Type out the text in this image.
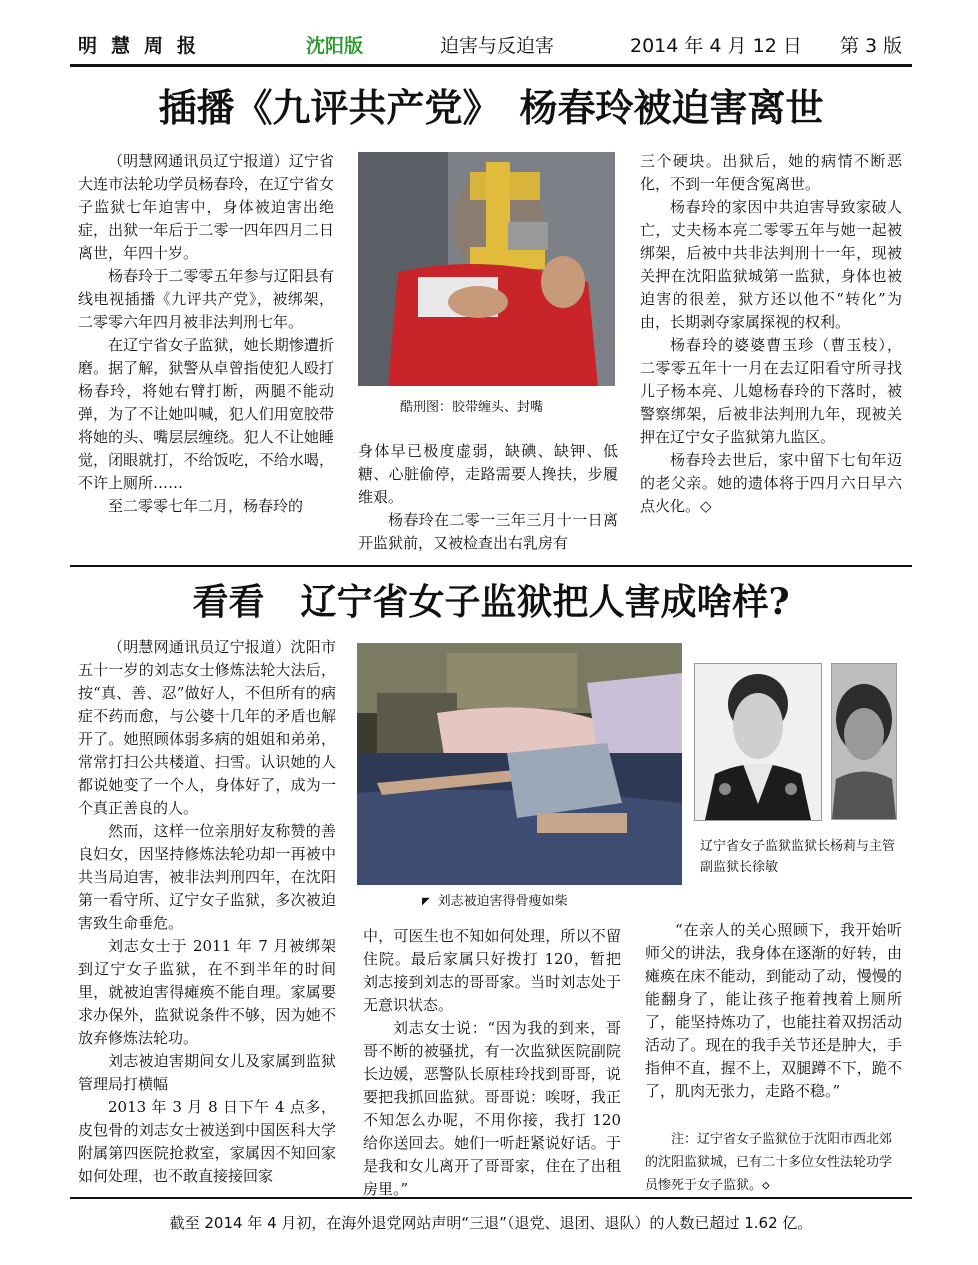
明慧周报	沈阳版	迫害与反迫害	2014 年 4 月 12 日 第 3 版
插播《九评共产党》　杨春玲被迫害离世

（明慧网通讯员辽宁报道）辽宁省大连市法轮功学员杨春玲，在辽宁省女子监狱七年迫害中，身体被迫害出绝症，出狱一年后于二零一四年四月二日离世，年四十岁。

杨春玲于二零零五年参与辽阳县有线电视插播《九评共产党》，被绑架，二零零六年四月被非法判刑七年。

在辽宁省女子监狱，她长期惨遭折磨。据了解，狱警从卓曾指使犯人殴打杨春玲，将她右臂打断，两腿不能动弹，为了不让她叫喊，犯人们用宽胶带将她的头、嘴层层缠绕。犯人不让她睡觉，闭眼就打，不给饭吃，不给水喝，不许上厕所……

至二零零七年二月，杨春玲的

酷刑图：胶带缠头、封嘴

身体早已极度虚弱，缺碘、缺钾、低糖、心脏偷停，走路需要人搀扶，步履维艰。

杨春玲在二零一三年三月十一日离开监狱前，又被检查出右乳房有

三个硬块。出狱后，她的病情不断恶化，不到一年便含冤离世。

杨春玲的家因中共迫害导致家破人亡，丈夫杨本亮二零零五年与她一起被绑架，后被中共非法判刑十一年，现被关押在沈阳监狱城第一监狱，身体也被迫害的很差，狱方还以他不“转化”为由，长期剥夺家属探视的权利。

杨春玲的婆婆曹玉珍（曹玉枝），二零零五年十一月在去辽阳看守所寻找儿子杨本亮、儿媳杨春玲的下落时，被警察绑架，后被非法判刑九年，现被关押在辽宁女子监狱第九监区。

杨春玲去世后，家中留下七旬年迈的老父亲。她的遗体将于四月六日早六点火化。◇

看看　辽宁省女子监狱把人害成啥样?

（明慧网通讯员辽宁报道）沈阳市五十一岁的刘志女士修炼法轮大法后，按“真、善、忍”做好人，不但所有的病症不药而愈，与公婆十几年的矛盾也解开了。她照顾体弱多病的姐姐和弟弟，常常打扫公共楼道、扫雪。认识她的人都说她变了一个人，身体好了，成为一个真正善良的人。

然而，这样一位亲朋好友称赞的善良妇女，因坚持修炼法轮功却一再被中共当局迫害，被非法判刑四年，在沈阳第一看守所、辽宁女子监狱，多次被迫害致生命垂危。

刘志女士于 2011 年 7 月被绑架到辽宁女子监狱，在不到半年的时间里，就被迫害得瘫痪不能自理。家属要求办保外，监狱说条件不够，因为她不放弃修炼法轮功。

刘志被迫害期间女儿及家属到监狱管理局打横幅

2013 年 3 月 8 日下午 4 点多，皮包骨的刘志女士被送到中国医科大学附属第四医院抢救室，家属因不知回家如何处理，也不敢直接接回家

◤ 刘志被迫害得骨瘦如柴
辽宁省女子监狱监狱长杨莉与主管副监狱长徐敏

中，可医生也不知如何处理，所以不留住院。最后家属只好拨打 120，暂把刘志接到刘志的哥哥家。当时刘志处于无意识状态。

刘志女士说：“因为我的到来，哥哥不断的被骚扰，有一次监狱医院副院长边媛，恶警队长原桂玲找到哥哥，说要把我抓回监狱。哥哥说：唉呀，我正不知怎么办呢，不用你接，我打 120 给你送回去。她们一听赶紧说好话。于是我和女儿离开了哥哥家，住在了出租房里。”

“在亲人的关心照顾下，我开始听师父的讲法，我身体在逐渐的好转，由瘫痪在床不能动，到能动了动，慢慢的能翻身了，能让孩子拖着拽着上厕所了，能坚持炼功了，也能拄着双拐活动活动了。现在的我手关节还是肿大，手指伸不直，握不上，双腿蹲不下，跪不了，肌肉无张力，走路不稳。”

注：辽宁省女子监狱位于沈阳市西北郊的沈阳监狱城，已有二十多位女性法轮功学员惨死于女子监狱。◇
截至 2014 年 4 月初，在海外退党网站声明“三退”（退党、退团、退队）的人数已超过 1.62 亿。
